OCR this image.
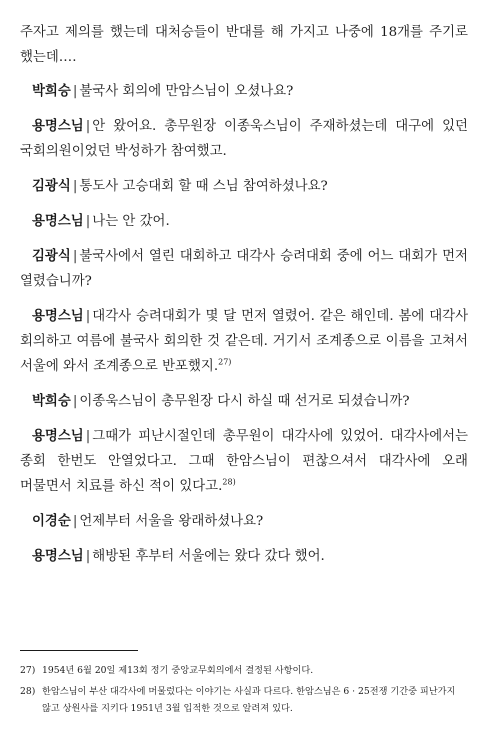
주자고 제의를 했는데 대처승들이 반대를 해 가지고 나중에 18개를 주기로 했는데….

박희승 | 불국사 회의에 만암스님이 오셨나요?

용명스님 | 안 왔어요. 총무원장 이종욱스님이 주재하셨는데 대구에 있던 국회의원이었던 박성하가 참여했고.

김광식 | 통도사 고승대회 할 때 스님 참여하셨나요?

용명스님 | 나는 안 갔어.

김광식 | 불국사에서 열린 대회하고 대각사 승려대회 중에 어느 대회가 먼저 열렸습니까?

용명스님 | 대각사 승려대회가 몇 달 먼저 열렸어. 같은 해인데. 봄에 대각사 회의하고 여름에 불국사 회의한 것 같은데. 거기서 조계종으로 이름을 고쳐서 서울에 와서 조계종으로 반포했지.$^{27)}$

박희승 | 이종욱스님이 총무원장 다시 하실 때 선거로 되셨습니까?

용명스님 | 그때가 피난시절인데 총무원이 대각사에 있었어. 대각사에서는 종회 한번도 안열었다고. 그때 한암스님이 편찮으셔서 대각사에 오래 머물면서 치료를 하신 적이 있다고.$^{28)}$

이경순 | 언제부터 서울을 왕래하셨나요?

용명스님 | 해방된 후부터 서울에는 왔다 갔다 했어.

27) 1954년 6월 20일 제13회 정기 중앙교무회의에서 결정된 사항이다.
28) 한암스님이 부산 대각사에 머물렀다는 이야기는 사실과 다르다. 한암스님은 6 · 25전쟁 기간중 피난가지 않고 상원사를 지키다 1951년 3월 입적한 것으로 알려져 있다.
